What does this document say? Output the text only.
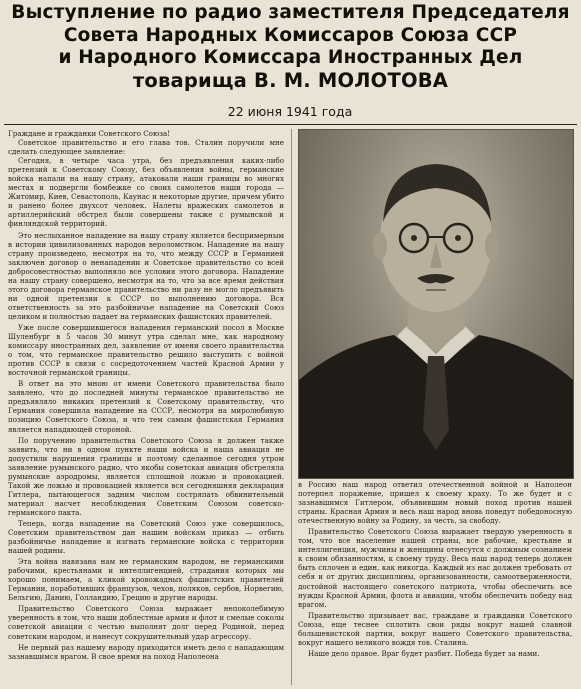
Выступление по радио заместителя Председателя
Совета Народных Комиссаров Союза ССР
и Народного Комиссара Иностранных Дел
товарища В. М. МОЛОТОВА
22 июня 1941 года

Граждане и гражданки Советского Союза!

Советское правительство и его глава тов. Сталин поручили мне сделать следующее заявление:

Сегодня, в четыре часа утра, без предъявления каких-либо претензий к Советскому Союзу, без объявления войны, германские войска напали на нашу страну, атаковали наши границы во многих местах и подвергли бомбежке со своих самолетов наши города — Житомир, Киев, Севастополь, Каунас и некоторые другие, причем убито и ранено более двухсот человек. Налеты вражеских самолетов и артиллерийский обстрел были совершены также с румынской и финляндской территорий.

Это неслыханное нападение на нашу страну является беспримерным в истории цивилизованных народов вероломством. Нападение на нашу страну произведено, несмотря на то, что между СССР и Германией заключен договор о ненападении и Советское правительство со всей добросовестностью выполняло все условия этого договора. Нападение на нашу страну совершено, несмотря на то, что за все время действия этого договора германское правительство ни разу не могло предъявить ни одной претензии к СССР по выполнению договора. Вся ответственность за это разбойничье нападение на Советский Союз целиком и полностью падает на германских фашистских правителей.

Уже после совершившегося нападения германский посол в Москве Шуленбург в 5 часов 30 минут утра сделал мне, как народному комиссару иностранных дел, заявление от имени своего правительства о том, что германское правительство решило выступить с войной против СССР в связи с сосредоточением частей Красной Армии у восточной германской границы.

В ответ на это мною от имени Советского правительства было заявлено, что до последней минуты германское правительство не предъявляло никаких претензий к Советскому правительству, что Германия совершила нападение на СССР, несмотря на миролюбивую позицию Советского Союза, и что тем самым фашистская Германия является нападающей стороной.

По поручению правительства Советского Союза я должен также заявить, что ни в одном пункте наши войска и наша авиация не допустили нарушения границы и поэтому сделанное сегодня утром заявление румынского радио, что якобы советская авиация обстреляла румынские аэродромы, является сплошной ложью и провокацией. Такой же ложью и провокацией является вся сегодняшняя декларация Гитлера, пытающегося задним числом состряпать обвинительный материал насчет несоблюдения Советским Союзом советско-германского пакта.

Теперь, когда нападение на Советский Союз уже совершилось, Советским правительством дан нашим войскам приказ — отбить разбойничье нападение и изгнать германские войска с территории нашей родины.

Эта война навязана нам не германским народом, не германскими рабочими, крестьянами и интеллигенцией, страдания которых мы хорошо понимаем, а кликой кровожадных фашистских правителей Германии, поработивших французов, чехов, поляков, сербов, Норвегию, Бельгию, Данию, Голландию, Грецию и другие народы.

Правительство Советского Союза выражает непоколебимую уверенность в том, что наши доблестные армия и флот и смелые соколы советской авиации с честью выполнят долг перед Родиной, перед советским народом, и нанесут сокрушительный удар агрессору.

Не первый раз нашему народу приходится иметь дело с нападающим зазнавшимся врагом. В свое время на поход Наполеона

в Россию наш народ ответил отечественной войной и Наполеон потерпел поражение, пришел к своему краху. То же будет и с зазнавшимся Гитлером, объявившим новый поход против нашей страны. Красная Армия и весь наш народ вновь поведут победоносную отечественную войну за Родину, за честь, за свободу.

Правительство Советского Союза выражает твердую уверенность в том, что все население нашей страны, все рабочие, крестьяне и интеллигенция, мужчины и женщины отнесутся с должным сознанием к своим обязанностям, к своему труду. Весь наш народ теперь должен быть сплочен и един, как никогда. Каждый из нас должен требовать от себя и от других дисциплины, организованности, самоотверженности, достойной настоящего советского патриота, чтобы обеспечить все нужды Красной Армии, флота и авиации, чтобы обеспечить победу над врагом.

Правительство призывает вас, граждане и гражданки Советского Союза, еще теснее сплотить свои ряды вокруг нашей славной большевистской партии, вокруг нашего Советского правительства, вокруг нашего великого вождя тов. Сталина.

Наше дело правое. Враг будет разбит. Победа будет за нами.
